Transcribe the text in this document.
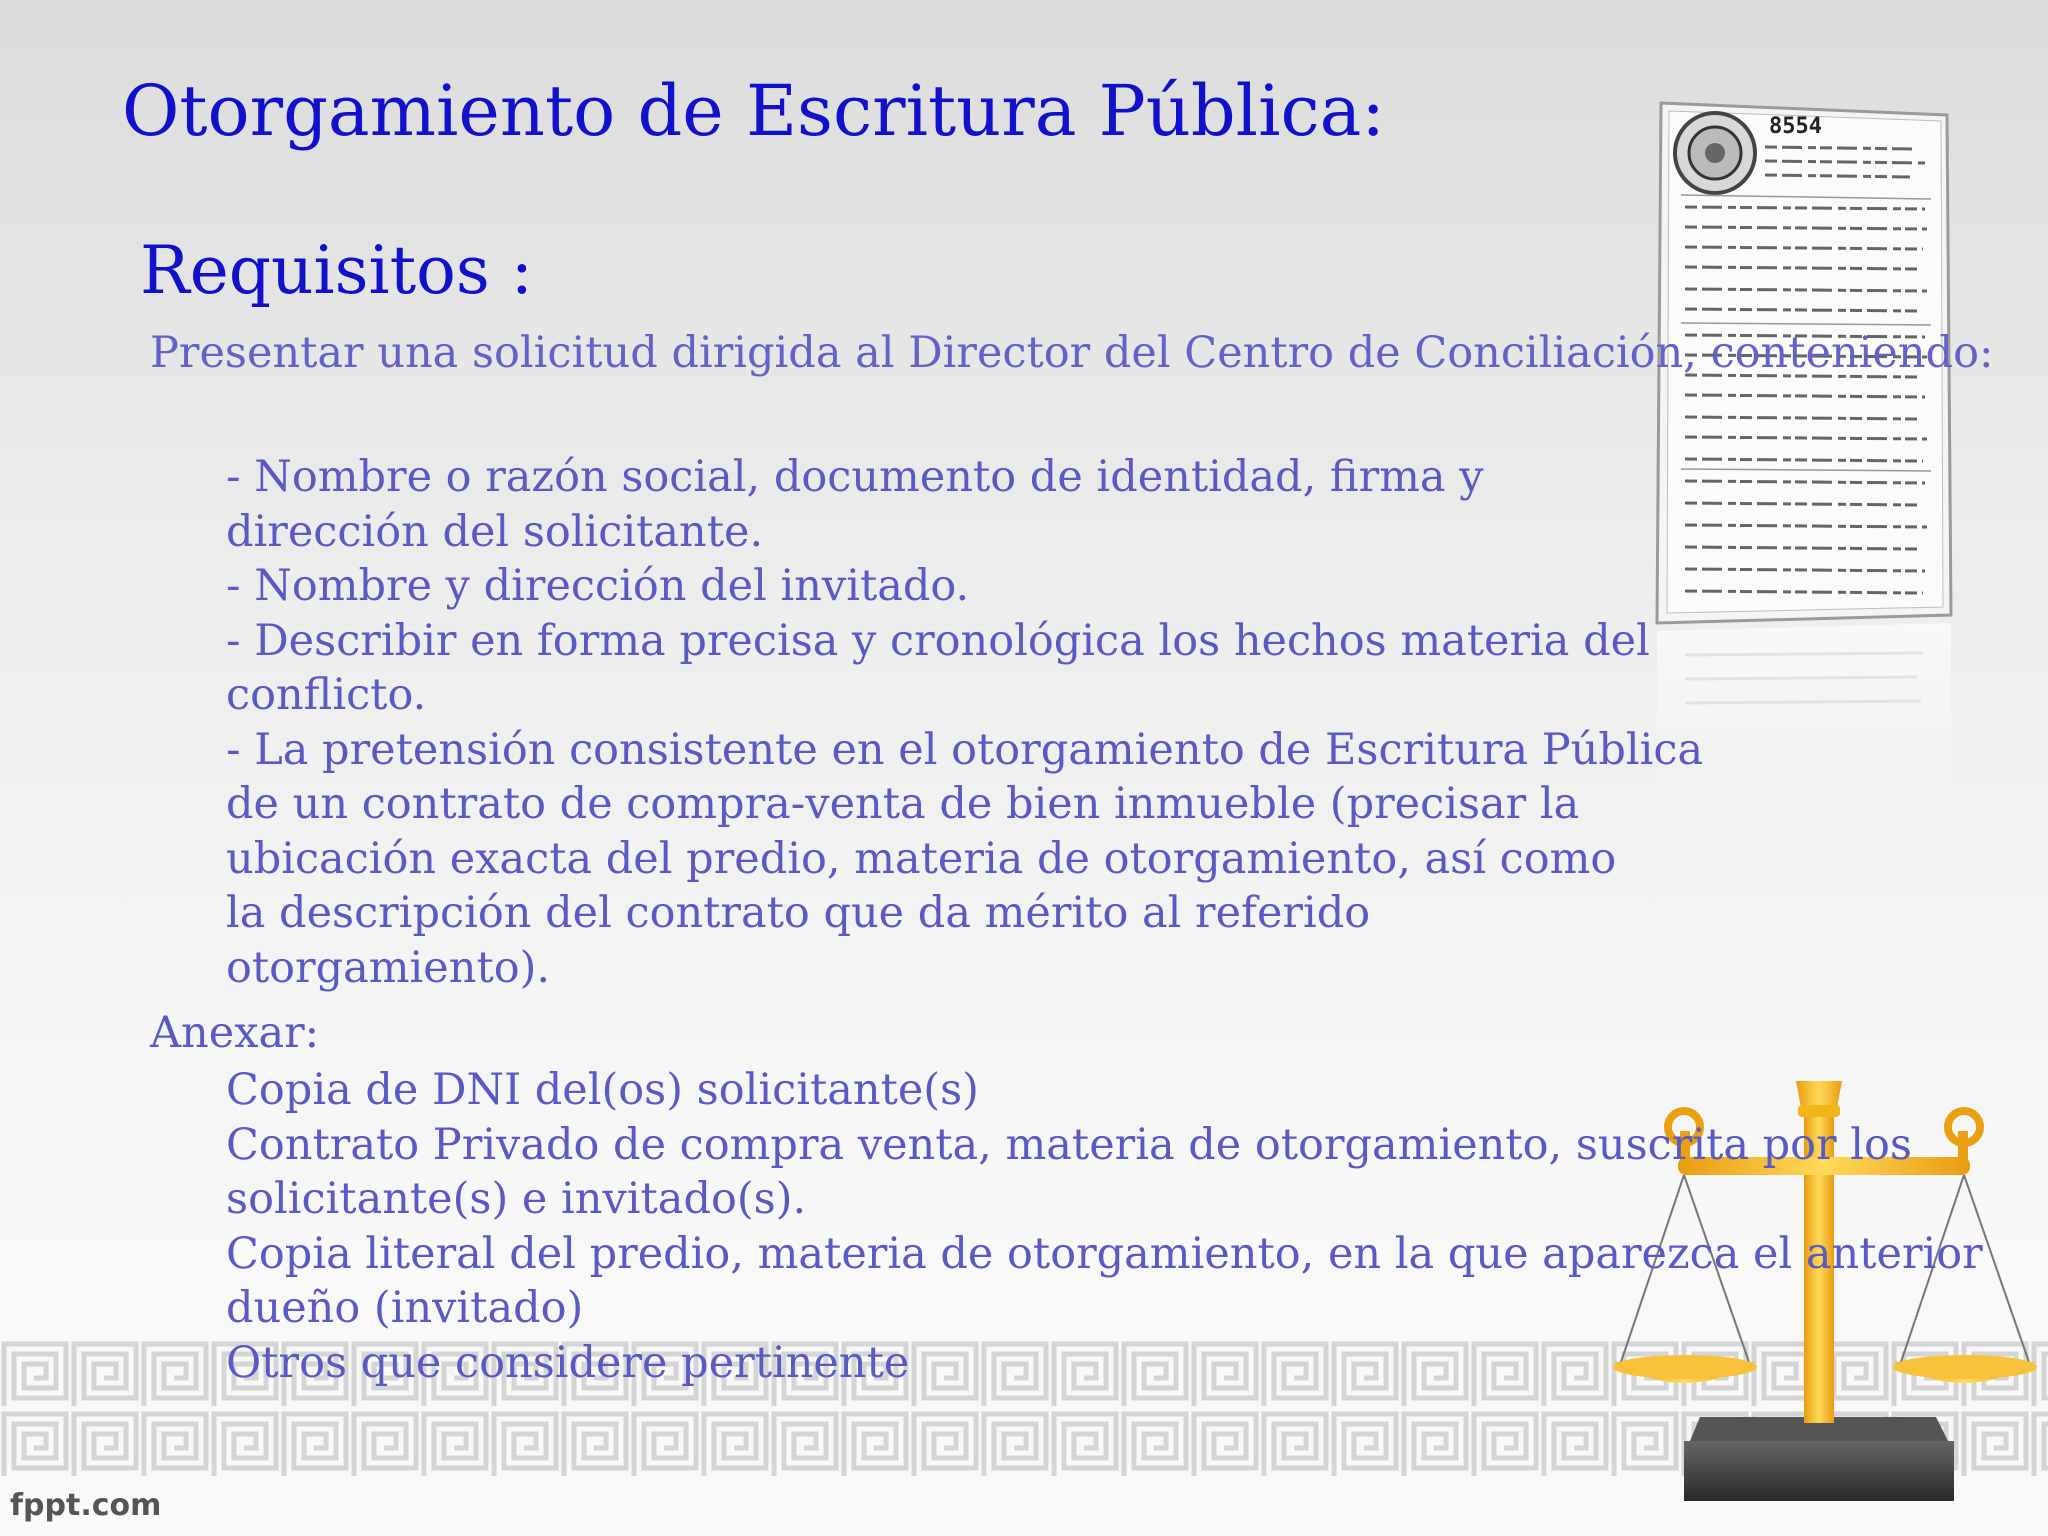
8554
Otorgamiento de Escritura Pública:
Requisitos :
Presentar una solicitud dirigida al Director del Centro de Conciliación, conteniendo:
- Nombre o razón social, documento de identidad, firma y
dirección del solicitante.
- Nombre y dirección del invitado.
- Describir en forma precisa y cronológica los hechos materia del
conflicto.
- La pretensión consistente en el otorgamiento de Escritura Pública
de un contrato de compra-venta de bien inmueble (precisar la
ubicación exacta del predio, materia de otorgamiento, así como
la descripción del contrato que da mérito al referido
otorgamiento).
Anexar:
Copia de DNI del(os) solicitante(s)
Contrato Privado de compra venta, materia de otorgamiento, suscrita por los
solicitante(s) e invitado(s).
Copia literal del predio, materia de otorgamiento, en la que aparezca el anterior
dueño (invitado)
Otros que considere pertinente
fppt.com
